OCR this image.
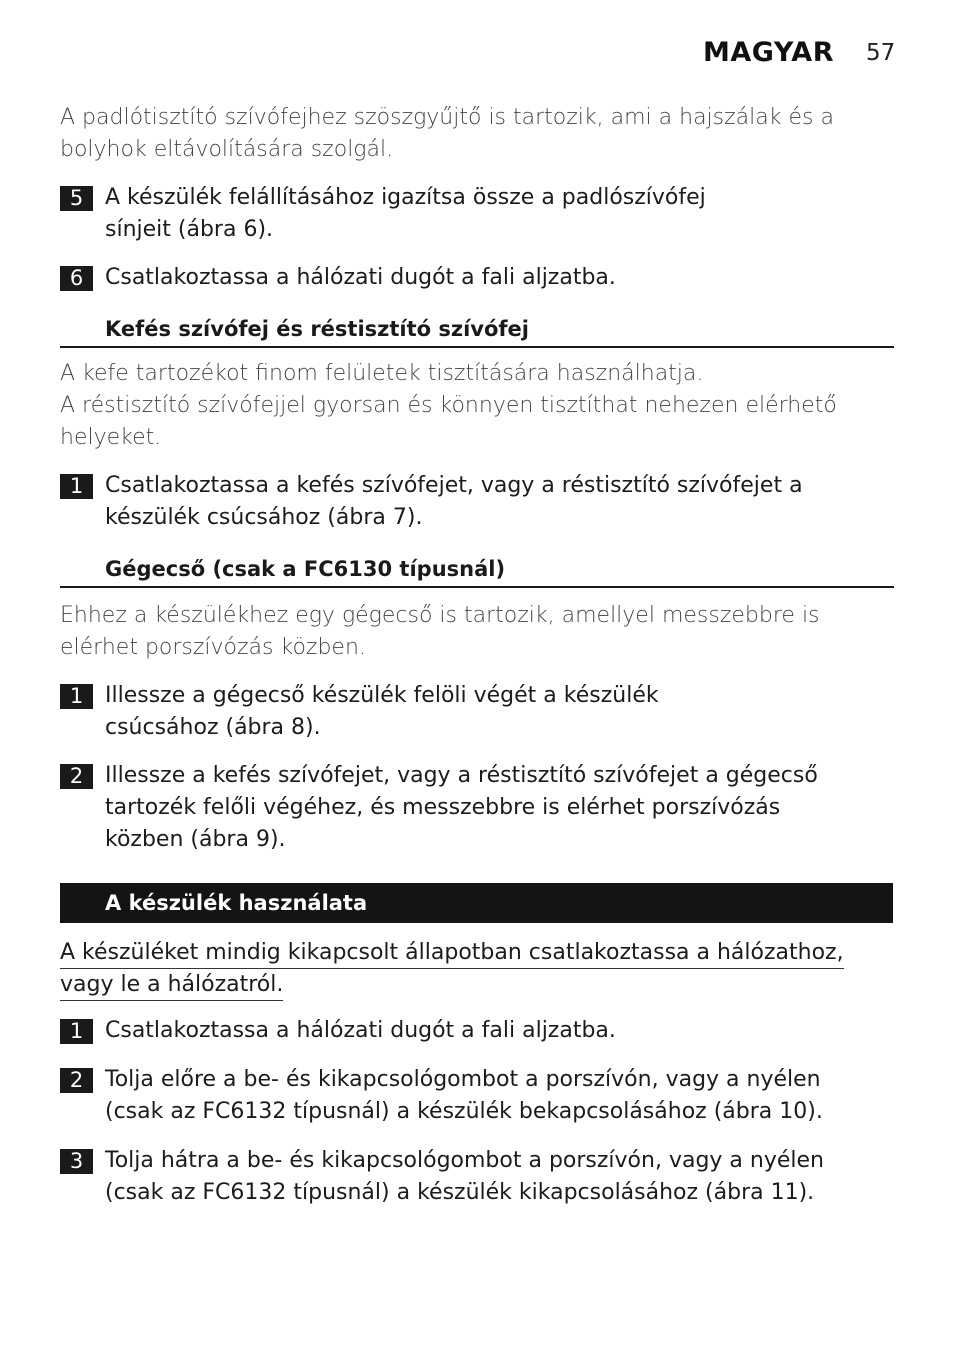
MAGYAR 57

A padlótisztító szívófejhez szöszgyűjtő is tartozik, ami a hajszálak és a
bolyhok eltávolítására szolgál.

5 A készülék felállításához igazítsa össze a padlószívófej
sínjeit (ábra 6).
6 Csatlakoztassa a hálózati dugót a fali aljzatba.
Kefés szívófej és réstisztító szívófej

A kefe tartozékot finom felületek tisztítására használhatja.
A réstisztító szívófejjel gyorsan és könnyen tisztíthat nehezen elérhető
helyeket.

1 Csatlakoztassa a kefés szívófejet, vagy a réstisztító szívófejet a
készülék csúcsához (ábra 7).
Gégecső (csak a FC6130 típusnál)

Ehhez a készülékhez egy gégecső is tartozik, amellyel messzebbre is
elérhet porszívózás közben.

1 Illessze a gégecső készülék felöli végét a készülék
csúcsához (ábra 8).
2 Illessze a kefés szívófejet, vagy a réstisztító szívófejet a gégecső
tartozék felőli végéhez, és messzebbre is elérhet porszívózás
közben (ábra 9).
A készülék használata

A készüléket mindig kikapcsolt állapotban csatlakoztassa a hálózathoz,
vagy le a hálózatról.

1 Csatlakoztassa a hálózati dugót a fali aljzatba.
2 Tolja előre a be- és kikapcsológombot a porszívón, vagy a nyélen
(csak az FC6132 típusnál) a készülék bekapcsolásához (ábra 10).
3 Tolja hátra a be- és kikapcsológombot a porszívón, vagy a nyélen
(csak az FC6132 típusnál) a készülék kikapcsolásához (ábra 11).
